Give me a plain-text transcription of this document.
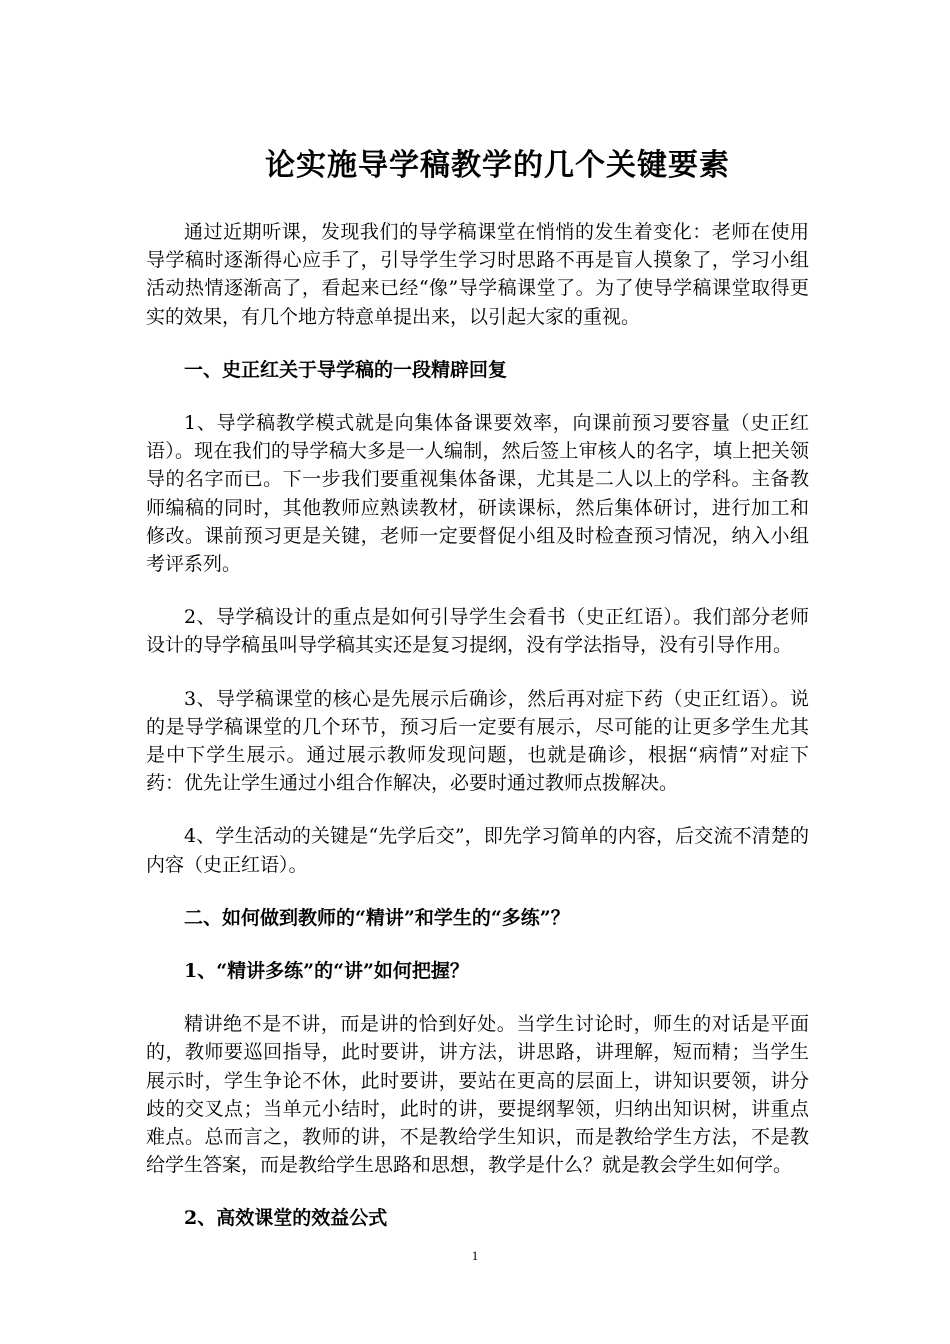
论实施导学稿教学的几个关键要素

通过近期听课，发现我们的导学稿课堂在悄悄的发生着变化：老师在使用导学稿时逐渐得心应手了，引导学生学习时思路不再是盲人摸象了，学习小组活动热情逐渐高了，看起来已经“像”导学稿课堂了。为了使导学稿课堂取得更实的效果，有几个地方特意单提出来，以引起大家的重视。

一、史正红关于导学稿的一段精辟回复

1、导学稿教学模式就是向集体备课要效率，向课前预习要容量（史正红语）。现在我们的导学稿大多是一人编制，然后签上审核人的名字，填上把关领导的名字而已。下一步我们要重视集体备课，尤其是二人以上的学科。主备教师编稿的同时，其他教师应熟读教材，研读课标，然后集体研讨，进行加工和修改。课前预习更是关键，老师一定要督促小组及时检查预习情况，纳入小组考评系列。

2、导学稿设计的重点是如何引导学生会看书（史正红语）。我们部分老师设计的导学稿虽叫导学稿其实还是复习提纲，没有学法指导，没有引导作用。

3、导学稿课堂的核心是先展示后确诊，然后再对症下药（史正红语）。说的是导学稿课堂的几个环节，预习后一定要有展示，尽可能的让更多学生尤其是中下学生展示。通过展示教师发现问题，也就是确诊，根据“病情”对症下药：优先让学生通过小组合作解决，必要时通过教师点拨解决。

4、学生活动的关键是“先学后交”，即先学习简单的内容，后交流不清楚的内容（史正红语）。

二、如何做到教师的“精讲”和学生的“多练”？

1、“精讲多练”的“讲”如何把握？

精讲绝不是不讲，而是讲的恰到好处。当学生讨论时，师生的对话是平面的，教师要巡回指导，此时要讲，讲方法，讲思路，讲理解，短而精；当学生展示时，学生争论不休，此时要讲，要站在更高的层面上，讲知识要领，讲分歧的交叉点；当单元小结时，此时的讲，要提纲挈领，归纳出知识树，讲重点难点。总而言之，教师的讲，不是教给学生知识，而是教给学生方法，不是教给学生答案，而是教给学生思路和思想，教学是什么？就是教会学生如何学。

2、高效课堂的效益公式

1
